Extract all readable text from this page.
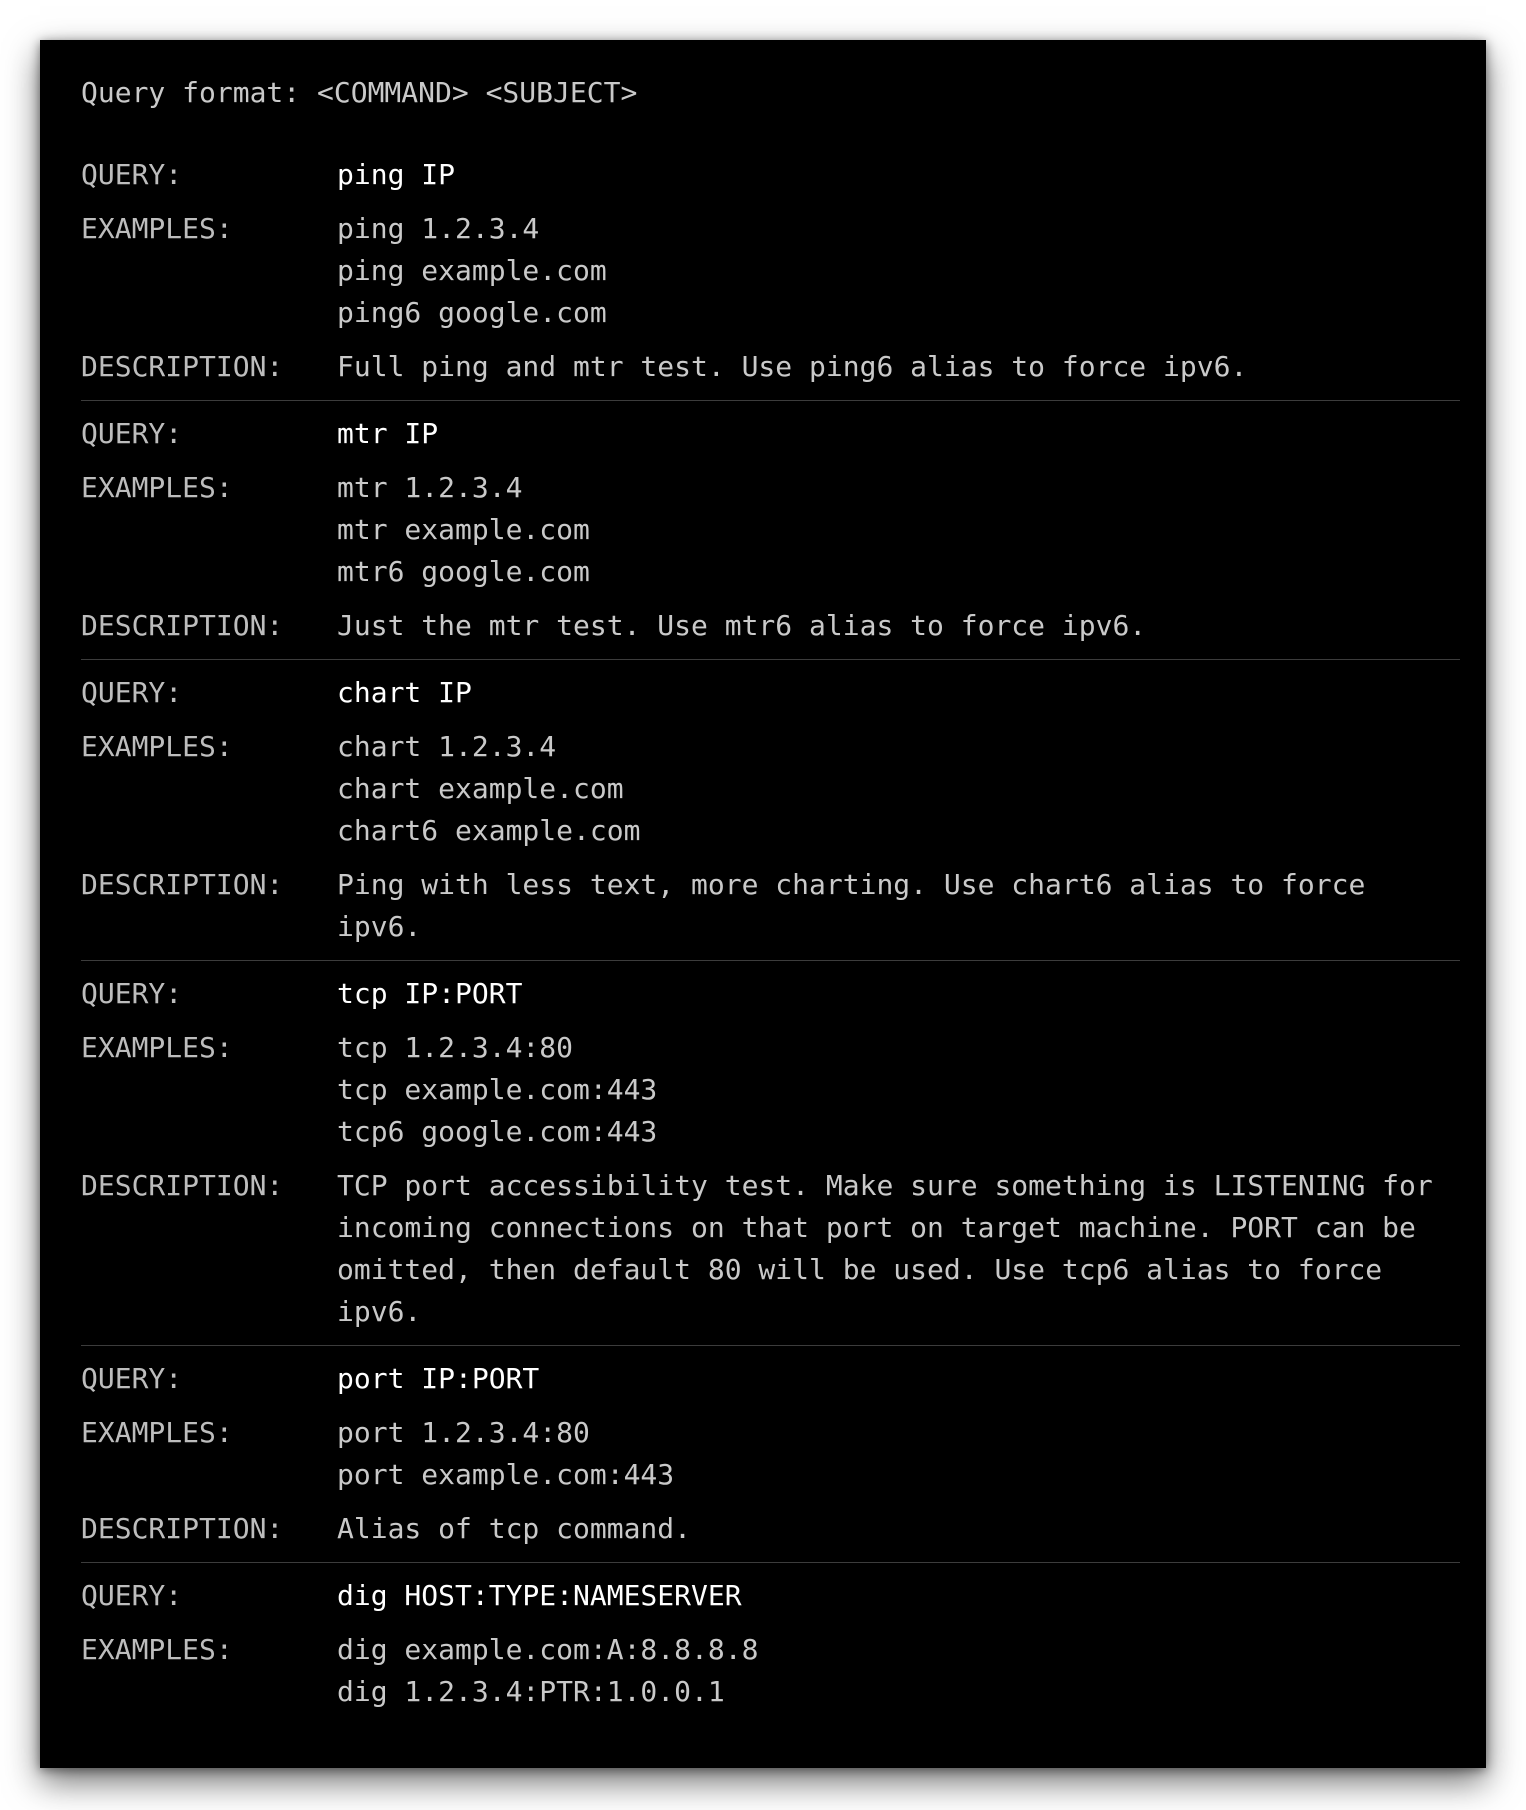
Query format: <COMMAND> <SUBJECT>
QUERY:	ping IP
EXAMPLES:	ping 1.2.3.4
ping example.com
ping6 google.com
DESCRIPTION:	Full ping and mtr test. Use ping6 alias to force ipv6.
QUERY:	mtr IP
EXAMPLES:	mtr 1.2.3.4
mtr example.com
mtr6 google.com
DESCRIPTION:	Just the mtr test. Use mtr6 alias to force ipv6.
QUERY:	chart IP
EXAMPLES:	chart 1.2.3.4
chart example.com
chart6 example.com
DESCRIPTION:	Ping with less text, more charting. Use chart6 alias to force ipv6.
QUERY:	tcp IP:PORT
EXAMPLES:	tcp 1.2.3.4:80
tcp example.com:443
tcp6 google.com:443
DESCRIPTION:	TCP port accessibility test. Make sure something is LISTENING for incoming connections on that port on target machine. PORT can be omitted, then default 80 will be used. Use tcp6 alias to force ipv6.
QUERY:	port IP:PORT
EXAMPLES:	port 1.2.3.4:80
port example.com:443
DESCRIPTION:	Alias of tcp command.
QUERY:	dig HOST:TYPE:NAMESERVER
EXAMPLES:	dig example.com:A:8.8.8.8
dig 1.2.3.4:PTR:1.0.0.1
